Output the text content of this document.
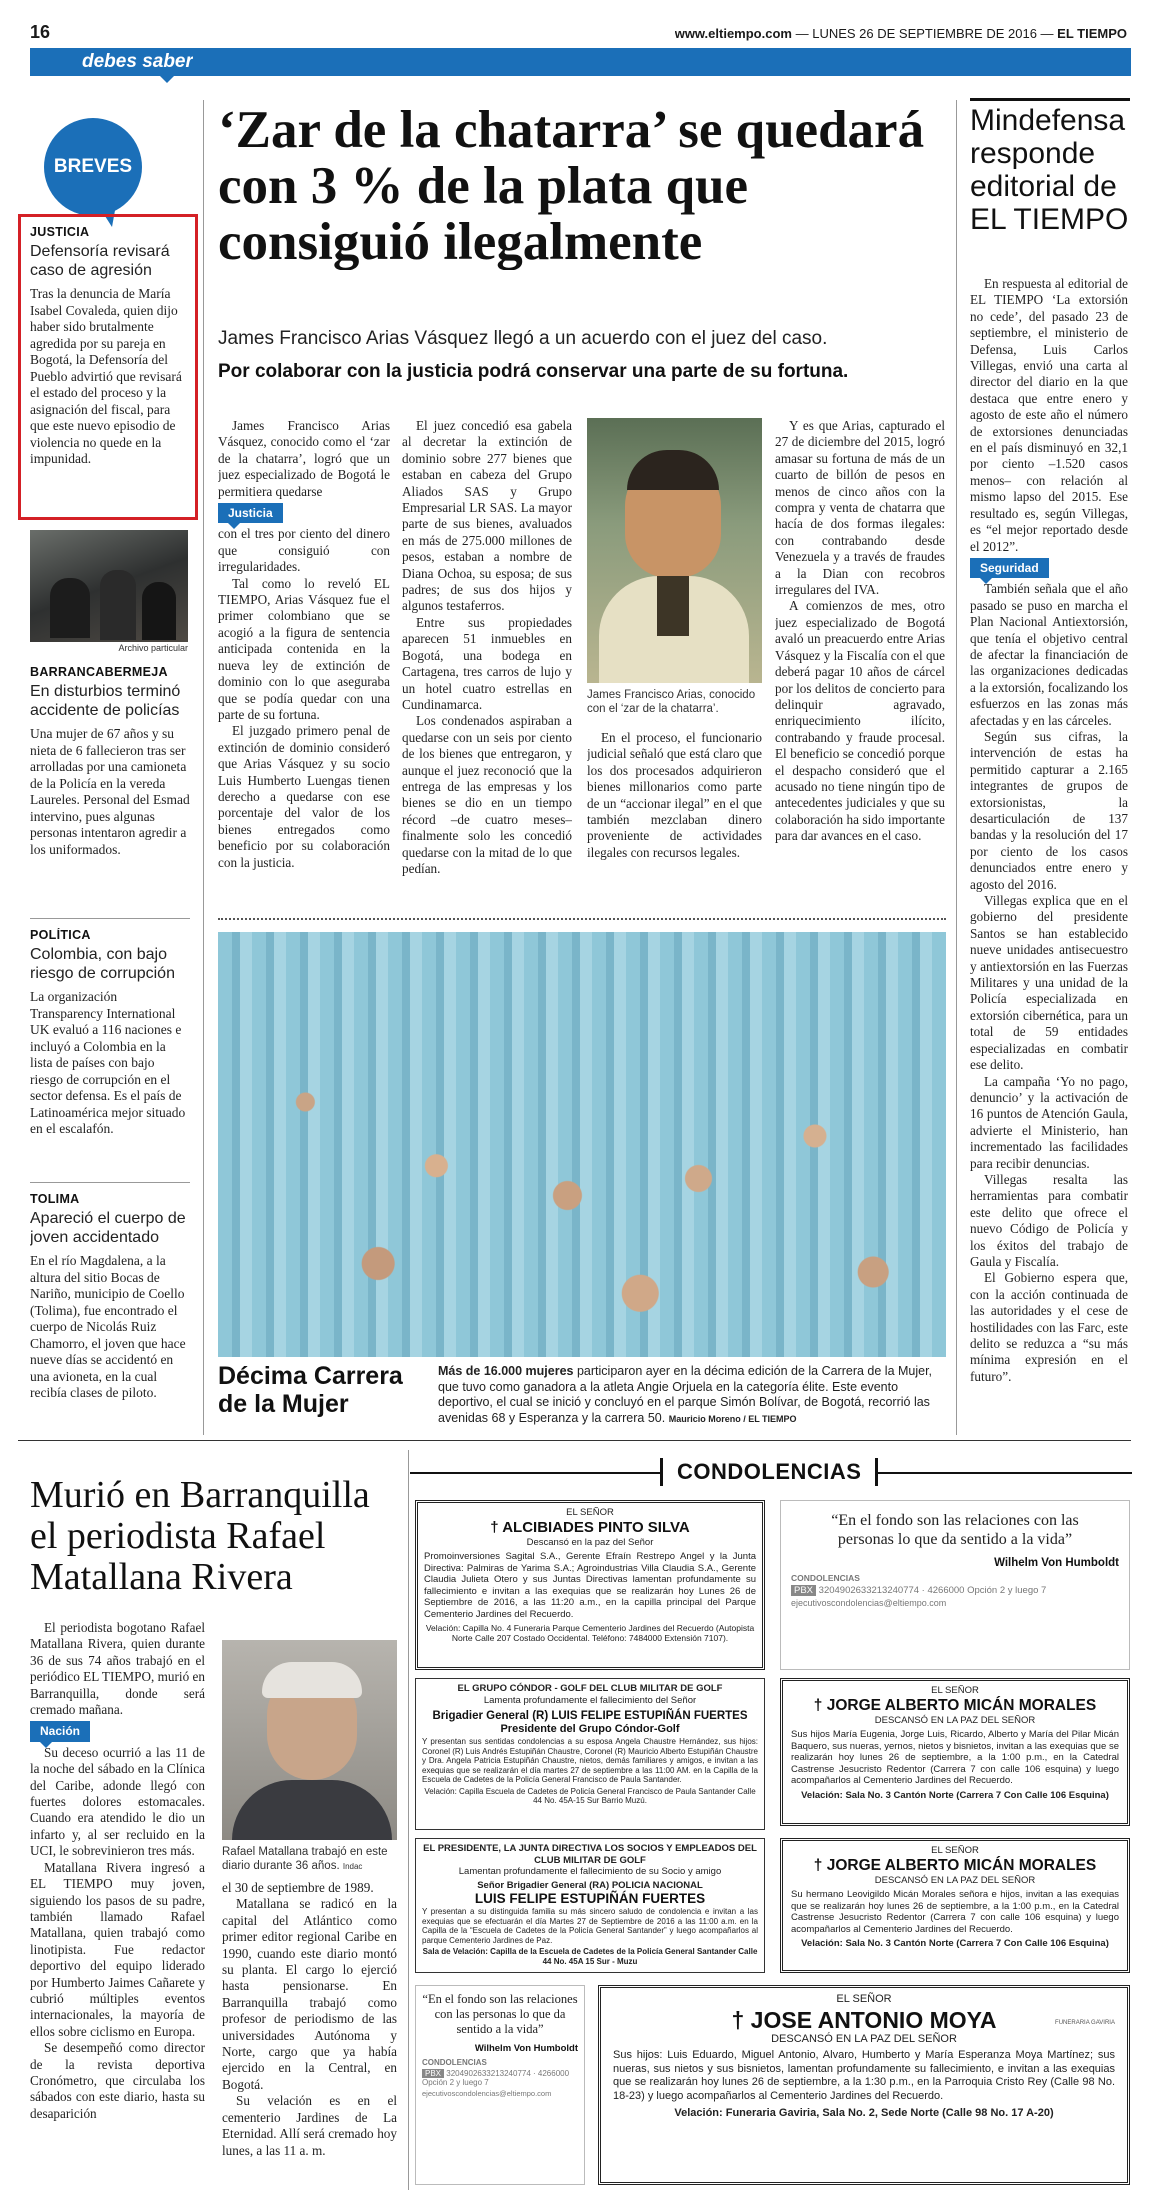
16	www.eltiempo.com — LUNES 26 DE SEPTIEMBRE DE 2016 — EL TIEMPO
debes saber
BREVES
JUSTICIA
Defensoría revisará caso de agresión
Tras la denuncia de María Isabel Covaleda, quien dijo haber sido brutalmente agredida por su pareja en Bogotá, la Defensoría del Pueblo advirtió que revisará el estado del proceso y la asignación del fiscal, para que este nuevo episodio de violencia no quede en la impunidad.
Archivo particular
BARRANCABERMEJA
En disturbios terminó accidente de policías
Una mujer de 67 años y su nieta de 6 fallecieron tras ser arrolladas por una camioneta de la Policía en la vereda Laureles. Personal del Esmad intervino, pues algunas personas intentaron agredir a los uniformados.
POLÍTICA
Colombia, con bajo riesgo de corrupción
La organización Transparency International UK evaluó a 116 naciones e incluyó a Colombia en la lista de países con bajo riesgo de corrupción en el sector defensa. Es el país de Latinoamérica mejor situado en el escalafón.
TOLIMA
Apareció el cuerpo de joven accidentado
En el río Magdalena, a la altura del sitio Bocas de Nariño, municipio de Coello (Tolima), fue encontrado el cuerpo de Nicolás Ruiz Chamorro, el joven que hace nueve días se accidentó en una avioneta, en la cual recibía clases de piloto.
‘Zar de la chatarra’ se quedará con 3 % de la plata que consiguió ilegalmente
James Francisco Arias Vásquez llegó a un acuerdo con el juez del caso.
Por colaborar con la justicia podrá conservar una parte de su fortuna.

James Francisco Arias Vásquez, conocido como el ‘zar de la chatarra’, logró que un juez especializado de Bogotá le permitiera quedarse

Justicia

con el tres por ciento del dinero que consiguió con irregularidades.

Tal como lo reveló EL TIEMPO, Arias Vásquez fue el primer colombiano que se acogió a la figura de sentencia anticipada contenida en la nueva ley de extinción de dominio con lo que aseguraba que se podía quedar con una parte de su fortuna.

El juzgado primero penal de extinción de dominio consideró que Arias Vásquez y su socio Luis Humberto Luengas tienen derecho a quedarse con ese porcentaje del valor de los bienes entregados como beneficio por su colaboración con la justicia.

El juez concedió esa gabela al decretar la extinción de dominio sobre 277 bienes que estaban en cabeza del Grupo Aliados SAS y Grupo Empresarial LR SAS. La mayor parte de sus bienes, avaluados en más de 275.000 millones de pesos, estaban a nombre de Diana Ochoa, su esposa; de sus padres; de sus dos hijos y algunos testaferros.

Entre sus propiedades aparecen 51 inmuebles en Bogotá, una bodega en Cartagena, tres carros de lujo y un hotel cuatro estrellas en Cundinamarca.

Los condenados aspiraban a quedarse con un seis por ciento de los bienes que entregaron, y aunque el juez reconoció que la entrega de las empresas y los bienes se dio en un tiempo récord –de cuatro meses– finalmente solo les concedió quedarse con la mitad de lo que pedían.

James Francisco Arias, conocido con el ‘zar de la chatarra’.

En el proceso, el funcionario judicial señaló que está claro que los dos procesados adquirieron bienes millonarios como parte de un “accionar ilegal” en el que también mezclaban dinero proveniente de actividades ilegales con recursos legales.

Y es que Arias, capturado el 27 de diciembre del 2015, logró amasar su fortuna de más de un cuarto de billón de pesos en menos de cinco años con la compra y venta de chatarra que hacía de dos formas ilegales: con contrabando desde Venezuela y a través de fraudes a la Dian con recobros irregulares del IVA.

A comienzos de mes, otro juez especializado de Bogotá avaló un preacuerdo entre Arias Vásquez y la Fiscalía con el que deberá pagar 10 años de cárcel por los delitos de concierto para delinquir agravado, enriquecimiento ilícito, contrabando y fraude procesal. El beneficio se concedió porque el despacho consideró que el acusado no tiene ningún tipo de antecedentes judiciales y que su colaboración ha sido importante para dar avances en el caso.

Décima Carrera de la Mujer
Más de 16.000 mujeres participaron ayer en la décima edición de la Carrera de la Mujer, que tuvo como ganadora a la atleta Angie Orjuela en la categoría élite. Este evento deportivo, el cual se inició y concluyó en el parque Simón Bolívar, de Bogotá, recorrió las avenidas 68 y Esperanza y la carrera 50. Mauricio Moreno / EL TIEMPO
Mindefensa responde editorial de EL TIEMPO

En respuesta al editorial de EL TIEMPO ‘La extorsión no cede’, del pasado 23 de septiembre, el ministerio de Defensa, Luis Carlos Villegas, envió una carta al director del diario en la que destaca que entre enero y agosto de este año el número de extorsiones denunciadas en el país disminuyó en 32,1 por ciento –1.520 casos menos– con relación al mismo lapso del 2015. Ese resultado es, según Villegas, es “el mejor reportado desde el 2012”.

Seguridad

También señala que el año pasado se puso en marcha el Plan Nacional Antiextorsión, que tenía el objetivo central de afectar la financiación de las organizaciones dedicadas a la extorsión, focalizando los esfuerzos en las zonas más afectadas y en las cárceles.

Según sus cifras, la intervención de estas ha permitido capturar a 2.165 integrantes de grupos de extorsionistas, la desarticulación de 137 bandas y la resolución del 17 por ciento de los casos denunciados entre enero y agosto del 2016.

Villegas explica que en el gobierno del presidente Santos se han establecido nueve unidades antisecuestro y antiextorsión en las Fuerzas Militares y una unidad de la Policía especializada en extorsión cibernética, para un total de 59 entidades especializadas en combatir ese delito.

La campaña ‘Yo no pago, denuncio’ y la activación de 16 puntos de Atención Gaula, advierte el Ministerio, han incrementado las facilidades para recibir denuncias.

Villegas resalta las herramientas para combatir este delito que ofrece el nuevo Código de Policía y los éxitos del trabajo de Gaula y Fiscalía.

El Gobierno espera que, con la acción continuada de las autoridades y el cese de hostilidades con las Farc, este delito se reduzca a “su más mínima expresión en el futuro”.

Murió en Barranquilla el periodista Rafael Matallana Rivera

El periodista bogotano Rafael Matallana Rivera, quien durante 36 de sus 74 años trabajó en el periódico EL TIEMPO, murió en Barranquilla, donde será cremado mañana.

Nación

Su deceso ocurrió a las 11 de la noche del sábado en la Clínica del Caribe, adonde llegó con fuertes dolores estomacales. Cuando era atendido le dio un infarto y, al ser recluido en la UCI, le sobrevinieron tres más.

Matallana Rivera ingresó a EL TIEMPO muy joven, siguiendo los pasos de su padre, también llamado Rafael Matallana, quien trabajó como linotipista. Fue redactor deportivo del equipo liderado por Humberto Jaimes Cañarete y cubrió múltiples eventos internacionales, la mayoría de ellos sobre ciclismo en Europa.

Se desempeñó como director de la revista deportiva Cronómetro, que circulaba los sábados con este diario, hasta su desaparición

Rafael Matallana trabajó en este diario durante 36 años. Indac

el 30 de septiembre de 1989.

Matallana se radicó en la capital del Atlántico como primer editor regional Caribe en 1990, cuando este diario montó su planta. El cargo lo ejerció hasta pensionarse. En Barranquilla trabajó como profesor de periodismo de las universidades Autónoma y Norte, cargo que ya había ejercido en la Central, en Bogotá.

Su velación es en el cementerio Jardines de La Eternidad. Allí será cremado hoy lunes, a las 11 a. m.

CONDOLENCIAS
EL SEÑOR
† ALCIBIADES PINTO SILVA
Descansó en la paz del Señor
Promoinversiones Sagital S.A., Gerente Efraín Restrepo Angel y la Junta Directiva: Palmiras de Yarima S.A.; Agroindustrias Villa Claudia S.A., Gerente Claudia Julieta Otero y sus Juntas Directivas lamentan profundamente su fallecimiento e invitan a las exequias que se realizarán hoy Lunes 26 de Septiembre de 2016, a las 11:20 a.m., en la capilla principal del Parque Cementerio Jardines del Recuerdo.
Velación: Capilla No. 4 Funeraria Parque Cementerio Jardines del Recuerdo (Autopista Norte Calle 207 Costado Occidental. Teléfono: 7484000 Extensión 7107).
“En el fondo son las relaciones con las personas lo que da sentido a la vida”
Wilhelm Von Humboldt
CONDOLENCIAS
PBX 3204902633213240774 · 4266000 Opción 2 y luego 7
ejecutivoscondolencias@eltiempo.com
EL GRUPO CÓNDOR - GOLF DEL CLUB MILITAR DE GOLF
Lamenta profundamente el fallecimiento del Señor
Brigadier General (R) LUIS FELIPE ESTUPIÑÁN FUERTES
Presidente del Grupo Cóndor-Golf
Y presentan sus sentidas condolencias a su esposa Angela Chaustre Hernández, sus hijos: Coronel (R) Luis Andrés Estupiñán Chaustre, Coronel (R) Mauricio Alberto Estupiñán Chaustre y Dra. Angela Patricia Estupiñán Chaustre, nietos, demás familiares y amigos, e invitan a las exequias que se realizarán el día martes 27 de septiembre a las 11:00 AM. en la Capilla de la Escuela de Cadetes de la Policía General Francisco de Paula Santander.
Velación: Capilla Escuela de Cadetes de Policía General Francisco de Paula Santander Calle 44 No. 45A-15 Sur Barrio Muzú.
EL SEÑOR
† JORGE ALBERTO MICÁN MORALES
DESCANSÓ EN LA PAZ DEL SEÑOR
Sus hijos María Eugenia, Jorge Luis, Ricardo, Alberto y María del Pilar Micán Baquero, sus nueras, yernos, nietos y bisnietos, invitan a las exequias que se realizarán hoy lunes 26 de septiembre, a la 1:00 p.m., en la Catedral Castrense Jesucristo Redentor (Carrera 7 con calle 106 esquina) y luego acompañarlos al Cementerio Jardines del Recuerdo.
Velación: Sala No. 3 Cantón Norte (Carrera 7 Con Calle 106 Esquina)
EL PRESIDENTE, LA JUNTA DIRECTIVA LOS SOCIOS Y EMPLEADOS DEL CLUB MILITAR DE GOLF
Lamentan profundamente el fallecimiento de su Socio y amigo
Señor Brigadier General (RA) POLICIA NACIONAL
LUIS FELIPE ESTUPIÑÁN FUERTES
Y presentan a su distinguida familia su más sincero saludo de condolencia e invitan a las exequias que se efectuarán el día Martes 27 de Septiembre de 2016 a las 11:00 a.m. en la Capilla de la “Escuela de Cadetes de la Policía General Santander” y luego acompañarlos al parque Cementerio Jardines de Paz.
Sala de Velación: Capilla de la Escuela de Cadetes de la Policía General Santander Calle 44 No. 45A 15 Sur - Muzu
EL SEÑOR
† JORGE ALBERTO MICÁN MORALES
DESCANSÓ EN LA PAZ DEL SEÑOR
Su hermano Leovigildo Micán Morales señora e hijos, invitan a las exequias que se realizarán hoy lunes 26 de septiembre, a la 1:00 p.m., en la Catedral Castrense Jesucristo Redentor (Carrera 7 con calle 106 esquina) y luego acompañarlos al Cementerio Jardines del Recuerdo.
Velación: Sala No. 3 Cantón Norte (Carrera 7 Con Calle 106 Esquina)
“En el fondo son las relaciones con las personas lo que da sentido a la vida”
Wilhelm Von Humboldt
CONDOLENCIAS
PBX 3204902633213240774 · 4266000 Opción 2 y luego 7
ejecutivoscondolencias@eltiempo.com
EL SEÑOR
† JOSE ANTONIO MOYA
DESCANSÓ EN LA PAZ DEL SEÑOR
Sus hijos: Luis Eduardo, Miguel Antonio, Alvaro, Humberto y María Esperanza Moya Martínez; sus nueras, sus nietos y sus bisnietos, lamentan profundamente su fallecimiento, e invitan a las exequias que se realizarán hoy lunes 26 de septiembre, a la 1:30 p.m., en la Parroquia Cristo Rey (Calle 98 No. 18-23) y luego acompañarlos al Cementerio Jardines del Recuerdo.
Velación: Funeraria Gaviria, Sala No. 2, Sede Norte (Calle 98 No. 17 A-20)
FUNERARIA GAVIRIA
